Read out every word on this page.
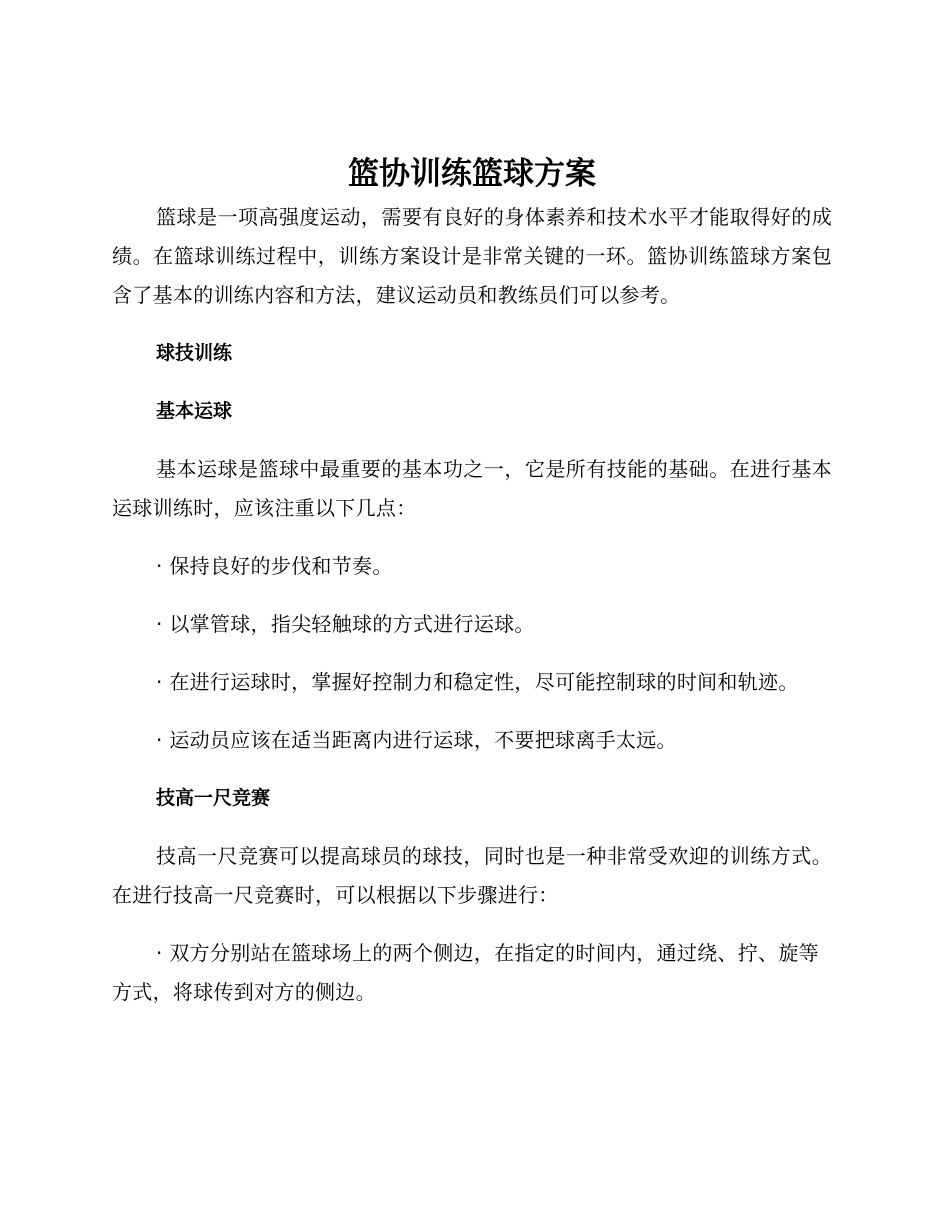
篮协训练篮球方案

篮球是一项高强度运动，需要有良好的身体素养和技术水平才能取得好的成绩。在篮球训练过程中，训练方案设计是非常关键的一环。篮协训练篮球方案包含了基本的训练内容和方法，建议运动员和教练员们可以参考。

球技训练

基本运球

基本运球是篮球中最重要的基本功之一，它是所有技能的基础。在进行基本运球训练时，应该注重以下几点：

· 保持良好的步伐和节奏。

· 以掌管球，指尖轻触球的方式进行运球。

· 在进行运球时，掌握好控制力和稳定性，尽可能控制球的时间和轨迹。

· 运动员应该在适当距离内进行运球，不要把球离手太远。

技高一尺竞赛

技高一尺竞赛可以提高球员的球技，同时也是一种非常受欢迎的训练方式。在进行技高一尺竞赛时，可以根据以下步骤进行：

· 双方分别站在篮球场上的两个侧边，在指定的时间内，通过绕、拧、旋等方式，将球传到对方的侧边。
